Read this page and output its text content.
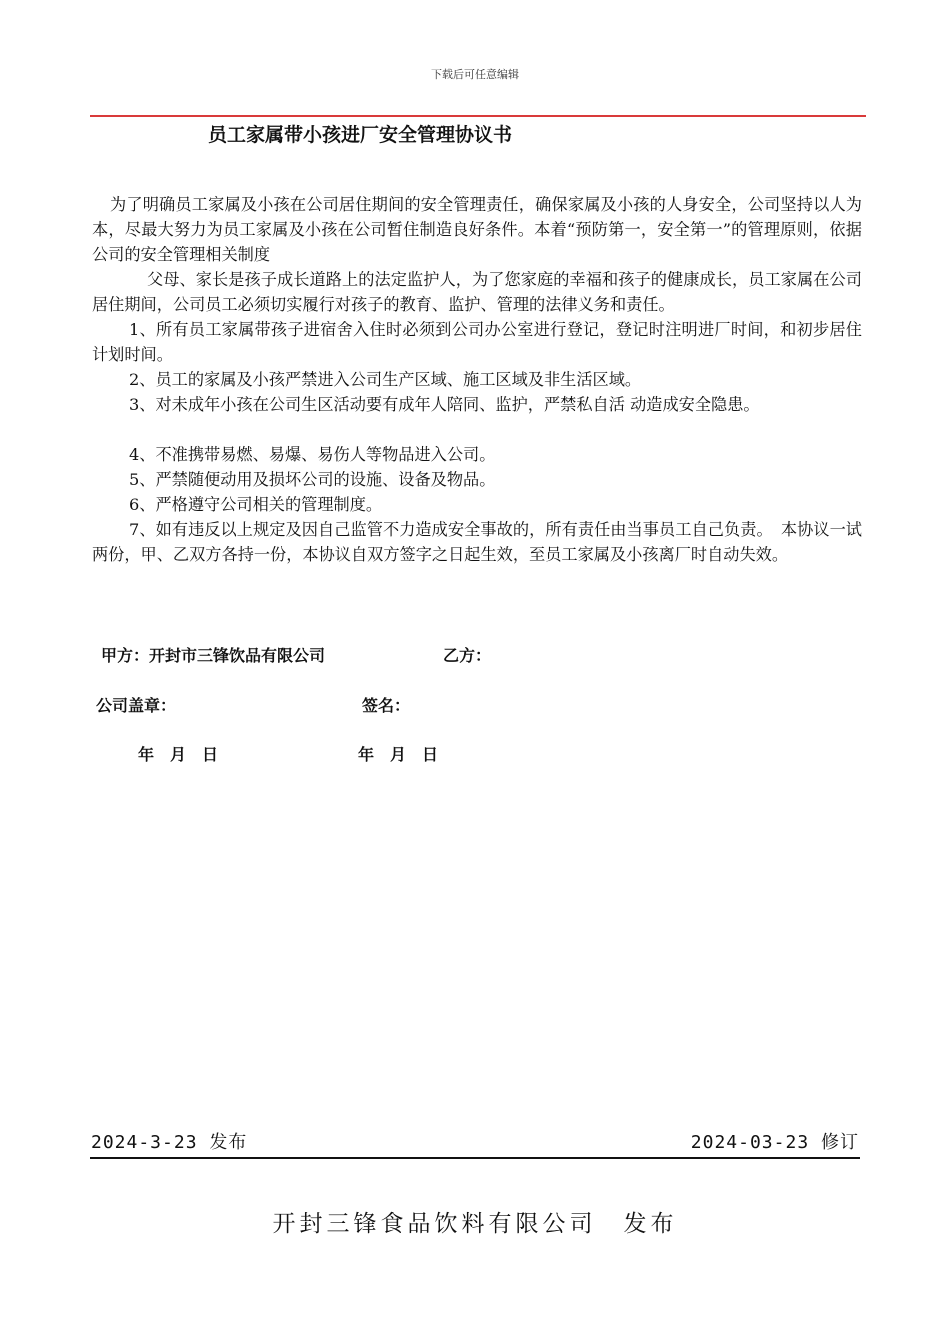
下载后可任意编辑
员工家属带小孩进厂安全管理协议书

为了明确员工家属及小孩在公司居住期间的安全管理责任，确保家属及小孩的人身安全，公司坚持以人为本，尽最大努力为员工家属及小孩在公司暂住制造良好条件。本着“预防第一，安全第一”的管理原则，依据公司的安全管理相关制度

父母、家长是孩子成长道路上的法定监护人，为了您家庭的幸福和孩子的健康成长，员工家属在公司居住期间，公司员工必须切实履行对孩子的教育、监护、管理的法律义务和责任。

1、所有员工家属带孩子进宿舍入住时必须到公司办公室进行登记，登记时注明进厂时间，和初步居住计划时间。

2、员工的家属及小孩严禁进入公司生产区域、施工区域及非生活区域。

3、对未成年小孩在公司生区活动要有成年人陪同、监护，严禁私自活 动造成安全隐患。

4、不准携带易燃、易爆、易伤人等物品进入公司。

5、严禁随便动用及损坏公司的设施、设备及物品。

6、严格遵守公司相关的管理制度。

7、如有违反以上规定及因自己监管不力造成安全事故的，所有责任由当事员工自己负责。　本协议一试两份，甲、乙双方各持一份，本协议自双方签字之日起生效，至员工家属及小孩离厂时自动失效。

甲方：开封市三锋饮品有限公司	乙方：
公司盖章：	签名：
年　月　日	年　月　日
2024-3-23 发布	2024-03-23 修订
开封三锋食品饮料有限公司　发布
